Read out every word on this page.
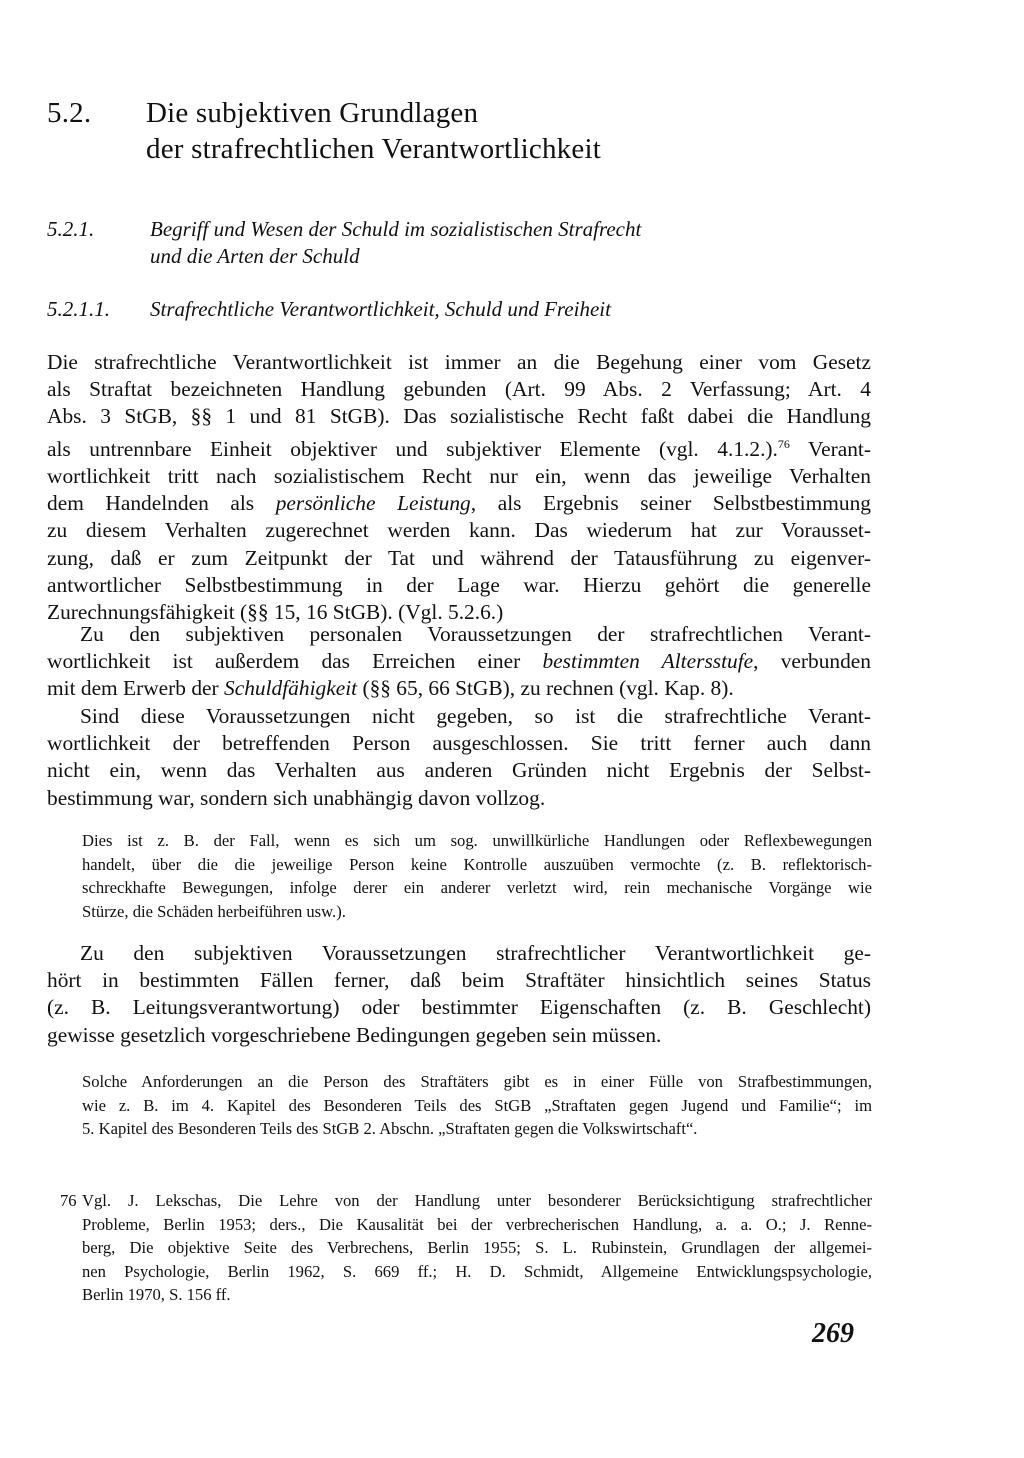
5.2. Die subjektiven Grundlagen
der strafrechtlichen Verantwortlichkeit
5.2.1.	Begriff und Wesen der Schuld im sozialistischen Strafrecht
und die Arten der Schuld
5.2.1.1. Strafrechtliche Verantwortlichkeit, Schuld und Freiheit
Die strafrechtliche Verantwortlichkeit ist immer an die Begehung einer vom Gesetz
als Straftat bezeichneten Handlung gebunden (Art. 99 Abs. 2 Verfassung; Art. 4
Abs. 3 StGB, §§ 1 und 81 StGB). Das sozialistische Recht faßt dabei die Handlung
als untrennbare Einheit objektiver und subjektiver Elemente (vgl. 4.1.2.).$^{76}$ Verant-
wortlichkeit tritt nach sozialistischem Recht nur ein, wenn das jeweilige Verhalten
dem Handelnden als persönliche Leistung, als Ergebnis seiner Selbstbestimmung
zu diesem Verhalten zugerechnet werden kann. Das wiederum hat zur Vorausset-
zung, daß er zum Zeitpunkt der Tat und während der Tatausführung zu eigenver-
antwortlicher Selbstbestimmung in der Lage war. Hierzu gehört die generelle
Zurechnungsfähigkeit (§§ 15, 16 StGB). (Vgl. 5.2.6.)
Zu den subjektiven personalen Voraussetzungen der strafrechtlichen Verant-
wortlichkeit ist außerdem das Erreichen einer bestimmten Altersstufe, verbunden
mit dem Erwerb der Schuldfähigkeit (§§ 65, 66 StGB), zu rechnen (vgl. Kap. 8).
Sind diese Voraussetzungen nicht gegeben, so ist die strafrechtliche Verant-
wortlichkeit der betreffenden Person ausgeschlossen. Sie tritt ferner auch dann
nicht ein, wenn das Verhalten aus anderen Gründen nicht Ergebnis der Selbst-
bestimmung war, sondern sich unabhängig davon vollzog.
Dies ist z. B. der Fall, wenn es sich um sog. unwillkürliche Handlungen oder Reflexbewegungen
handelt, über die die jeweilige Person keine Kontrolle auszuüben vermochte (z. B. reflektorisch-
schreckhafte Bewegungen, infolge derer ein anderer verletzt wird, rein mechanische Vorgänge wie
Stürze, die Schäden herbeiführen usw.).
Zu den subjektiven Voraussetzungen strafrechtlicher Verantwortlichkeit ge-
hört in bestimmten Fällen ferner, daß beim Straftäter hinsichtlich seines Status
(z. B. Leitungsverantwortung) oder bestimmter Eigenschaften (z. B. Geschlecht)
gewisse gesetzlich vorgeschriebene Bedingungen gegeben sein müssen.
Solche Anforderungen an die Person des Straftäters gibt es in einer Fülle von Strafbestimmungen,
wie z. B. im 4. Kapitel des Besonderen Teils des StGB „Straftaten gegen Jugend und Familie“; im
5. Kapitel des Besonderen Teils des StGB 2. Abschn. „Straftaten gegen die Volkswirtschaft“.
76 Vgl. J. Lekschas, Die Lehre von der Handlung unter besonderer Berücksichtigung strafrechtlicher
Probleme, Berlin 1953; ders., Die Kausalität bei der verbrecherischen Handlung, a. a. O.; J. Renne-
berg, Die objektive Seite des Verbrechens, Berlin 1955; S. L. Rubinstein, Grundlagen der allgemei-
nen Psychologie, Berlin 1962, S. 669 ff.; H. D. Schmidt, Allgemeine Entwicklungspsychologie,
Berlin 1970, S. 156 ff.
269
